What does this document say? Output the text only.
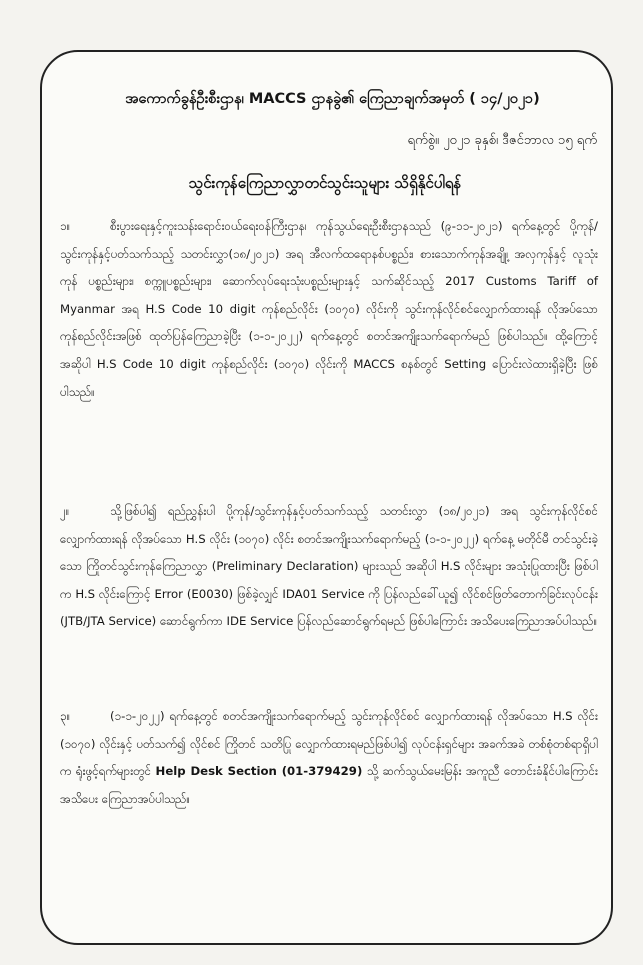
အကောက်ခွန်ဦးစီးဌာန၊ MACCS ဌာနခွဲ၏ ကြေညာချက်အမှတ် ( ၁၄/၂၀၂၁)
ရက်စွဲ။ ၂၀၂၁ ခုနှစ်၊ ဒီဇင်ဘာလ ၁၅ ရက်
သွင်းကုန်ကြေညာလွှာတင်သွင်းသူများ သိရှိနိုင်ပါရန်
၁။	စီးပွားရေးနှင့်ကူးသန်းရောင်းဝယ်ရေးဝန်ကြီးဌာန၊ ကုန်သွယ်ရေးဦးစီးဌာနသည် (၉-၁၁-၂၀၂၁) ရက်နေ့တွင် ပို့ကုန်/သွင်းကုန်နှင့်ပတ်သက်သည့် သတင်းလွှာ(၁၈/၂၀၂၁) အရ အီလက်ထရောနစ်ပစ္စည်း၊ စားသောက်ကုန်အချို့၊ အလှကုန်နှင့် လူသုံးကုန် ပစ္စည်းများ၊ စက္ကူပစ္စည်းများ၊ ဆောက်လုပ်ရေးသုံးပစ္စည်းများနှင့် သက်ဆိုင်သည့် 2017 Customs Tariff of Myanmar အရ H.S Code 10 digit ကုန်စည်လိုင်း (၁၀၇၀) လိုင်းကို သွင်းကုန်လိုင်စင်လျှောက်ထားရန် လိုအပ်သော ကုန်စည်လိုင်းအဖြစ် ထုတ်ပြန်ကြေညာခဲ့ပြီး (၁-၁-၂၀၂၂) ရက်နေ့တွင် စတင်အကျိုးသက်ရောက်မည် ဖြစ်ပါသည်။ ထို့ကြောင့် အဆိုပါ H.S Code 10 digit ကုန်စည်လိုင်း (၁၀၇၀) လိုင်းကို MACCS စနစ်တွင် Setting ပြောင်းလဲထားရှိခဲ့ပြီး ဖြစ်ပါသည်။
၂။	သို့ဖြစ်ပါ၍ ရည်ညွှန်းပါ ပို့ကုန်/သွင်းကုန်နှင့်ပတ်သက်သည့် သတင်းလွှာ (၁၈/၂၀၂၁) အရ သွင်းကုန်လိုင်စင်လျှောက်ထားရန် လိုအပ်သော H.S လိုင်း (၁၀၇၀) လိုင်း စတင်အကျိုးသက်ရောက်မည့် (၁-၁-၂၀၂၂) ရက်နေ့ မတိုင်မီ တင်သွင်းခဲ့သော ကြိုတင်သွင်းကုန်ကြေညာလွှာ (Preliminary Declaration) များသည် အဆိုပါ H.S လိုင်းများ အသုံးပြုထားပြီး ဖြစ်ပါက H.S လိုင်းကြောင့် Error (E0030) ဖြစ်ခဲ့လျှင် IDA01 Service ကို ပြန်လည်ခေါ်ယူ၍ လိုင်စင်ဖြတ်တောက်ခြင်းလုပ်ငန်း (JTB/JTA Service) ဆောင်ရွက်ကာ IDE Service ပြန်လည်ဆောင်ရွက်ရမည် ဖြစ်ပါကြောင်း အသိပေးကြေညာအပ်ပါသည်။
၃။	(၁-၁-၂၀၂၂) ရက်နေ့တွင် စတင်အကျိုးသက်ရောက်မည့် သွင်းကုန်လိုင်စင် လျှောက်ထားရန် လိုအပ်သော H.S လိုင်း (၁၀၇၀) လိုင်းနှင့် ပတ်သက်၍ လိုင်စင် ကြိုတင် သတိပြု လျှောက်ထားရမည်ဖြစ်ပါ၍ လုပ်ငန်းရှင်များ အခက်အခဲ တစ်စုံတစ်ရာရှိပါက ရုံးဖွင့်ရက်များတွင် Help Desk Section (01-379429) သို့ ဆက်သွယ်မေးမြန်း အကူညီ တောင်းခံနိုင်ပါကြောင်း အသိပေး ကြေညာအပ်ပါသည်။
